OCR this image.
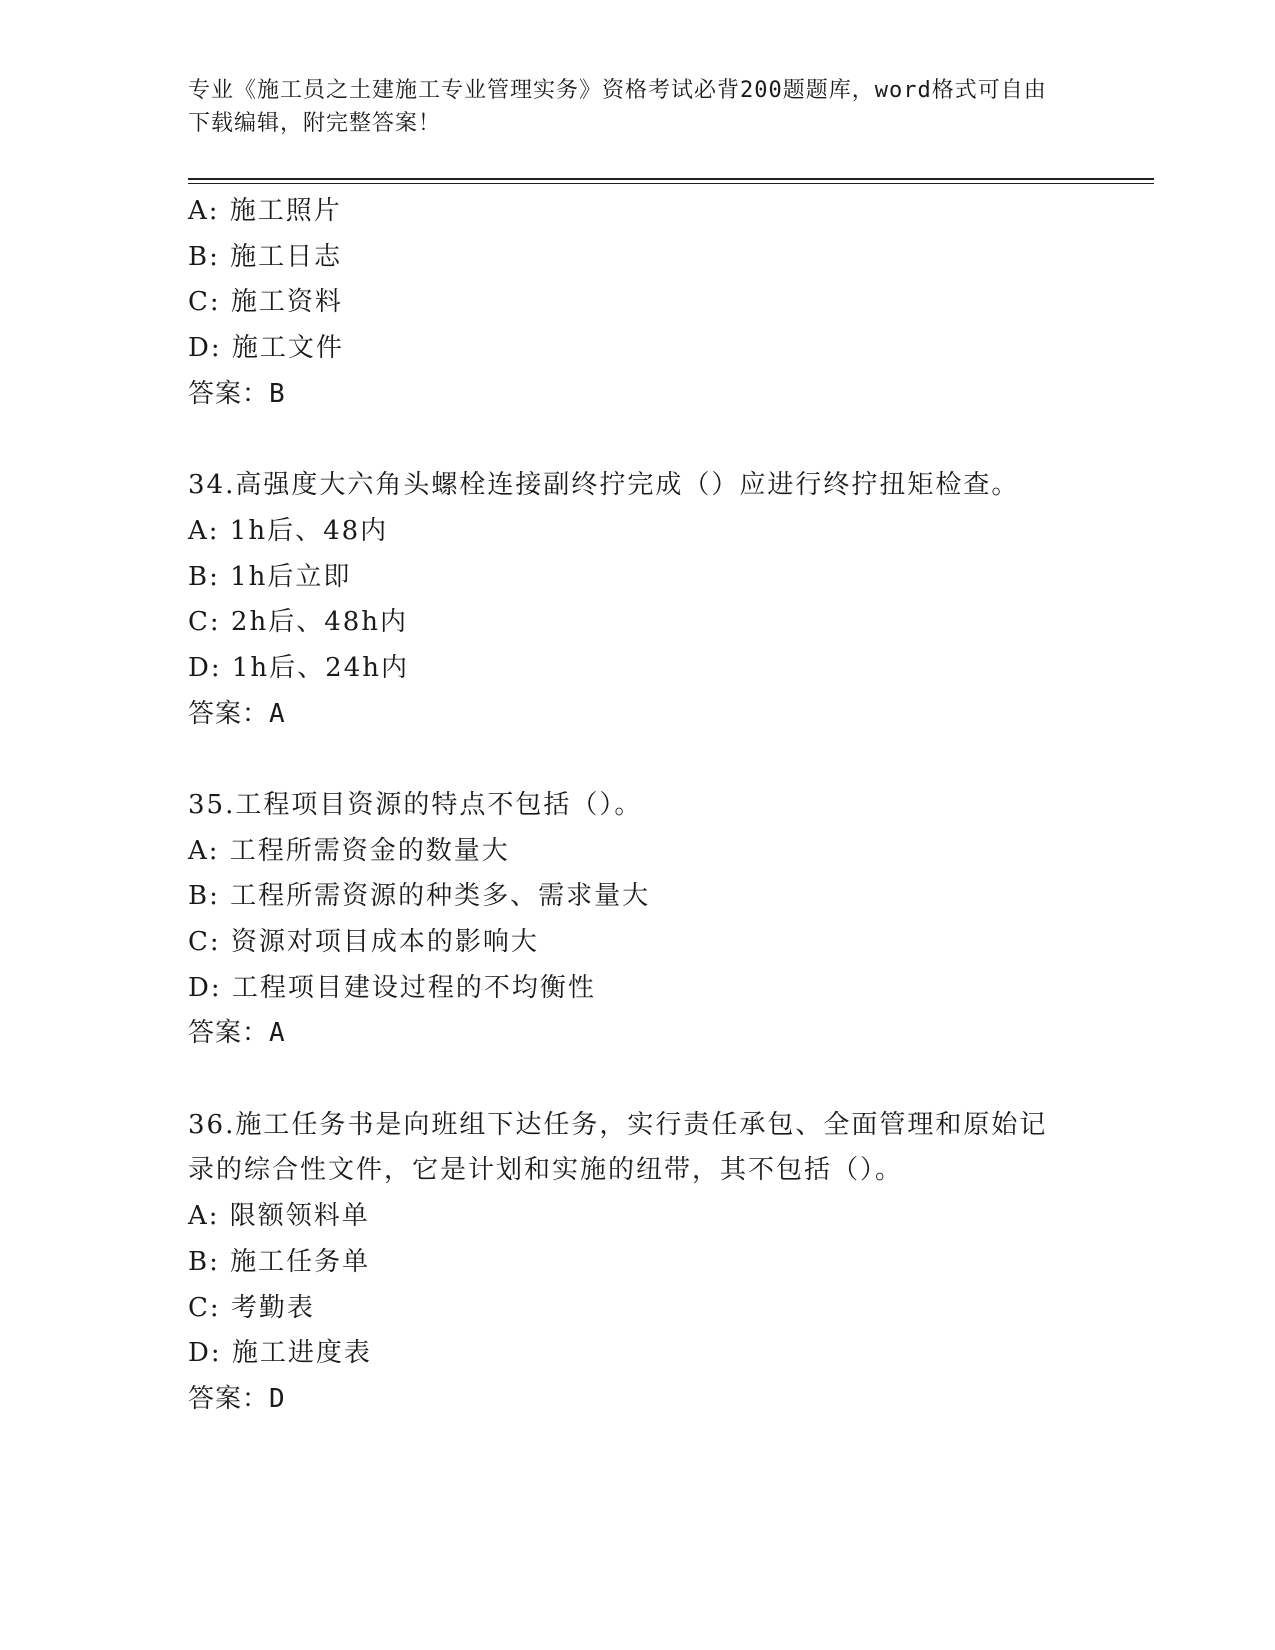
专业《施工员之土建施工专业管理实务》资格考试必背200题题库，word格式可自由下载编辑，附完整答案！
A: 施工照片
B: 施工日志
C: 施工资料
D: 施工文件
答案：B
34.高强度大六角头螺栓连接副终拧完成（）应进行终拧扭矩检查。
A: 1h后、48内
B: 1h后立即
C: 2h后、48h内
D: 1h后、24h内
答案：A
35.工程项目资源的特点不包括（）。
A: 工程所需资金的数量大
B: 工程所需资源的种类多、需求量大
C: 资源对项目成本的影响大
D: 工程项目建设过程的不均衡性
答案：A
36.施工任务书是向班组下达任务，实行责任承包、全面管理和原始记
录的综合性文件，它是计划和实施的纽带，其不包括（）。
A: 限额领料单
B: 施工任务单
C: 考勤表
D: 施工进度表
答案：D
